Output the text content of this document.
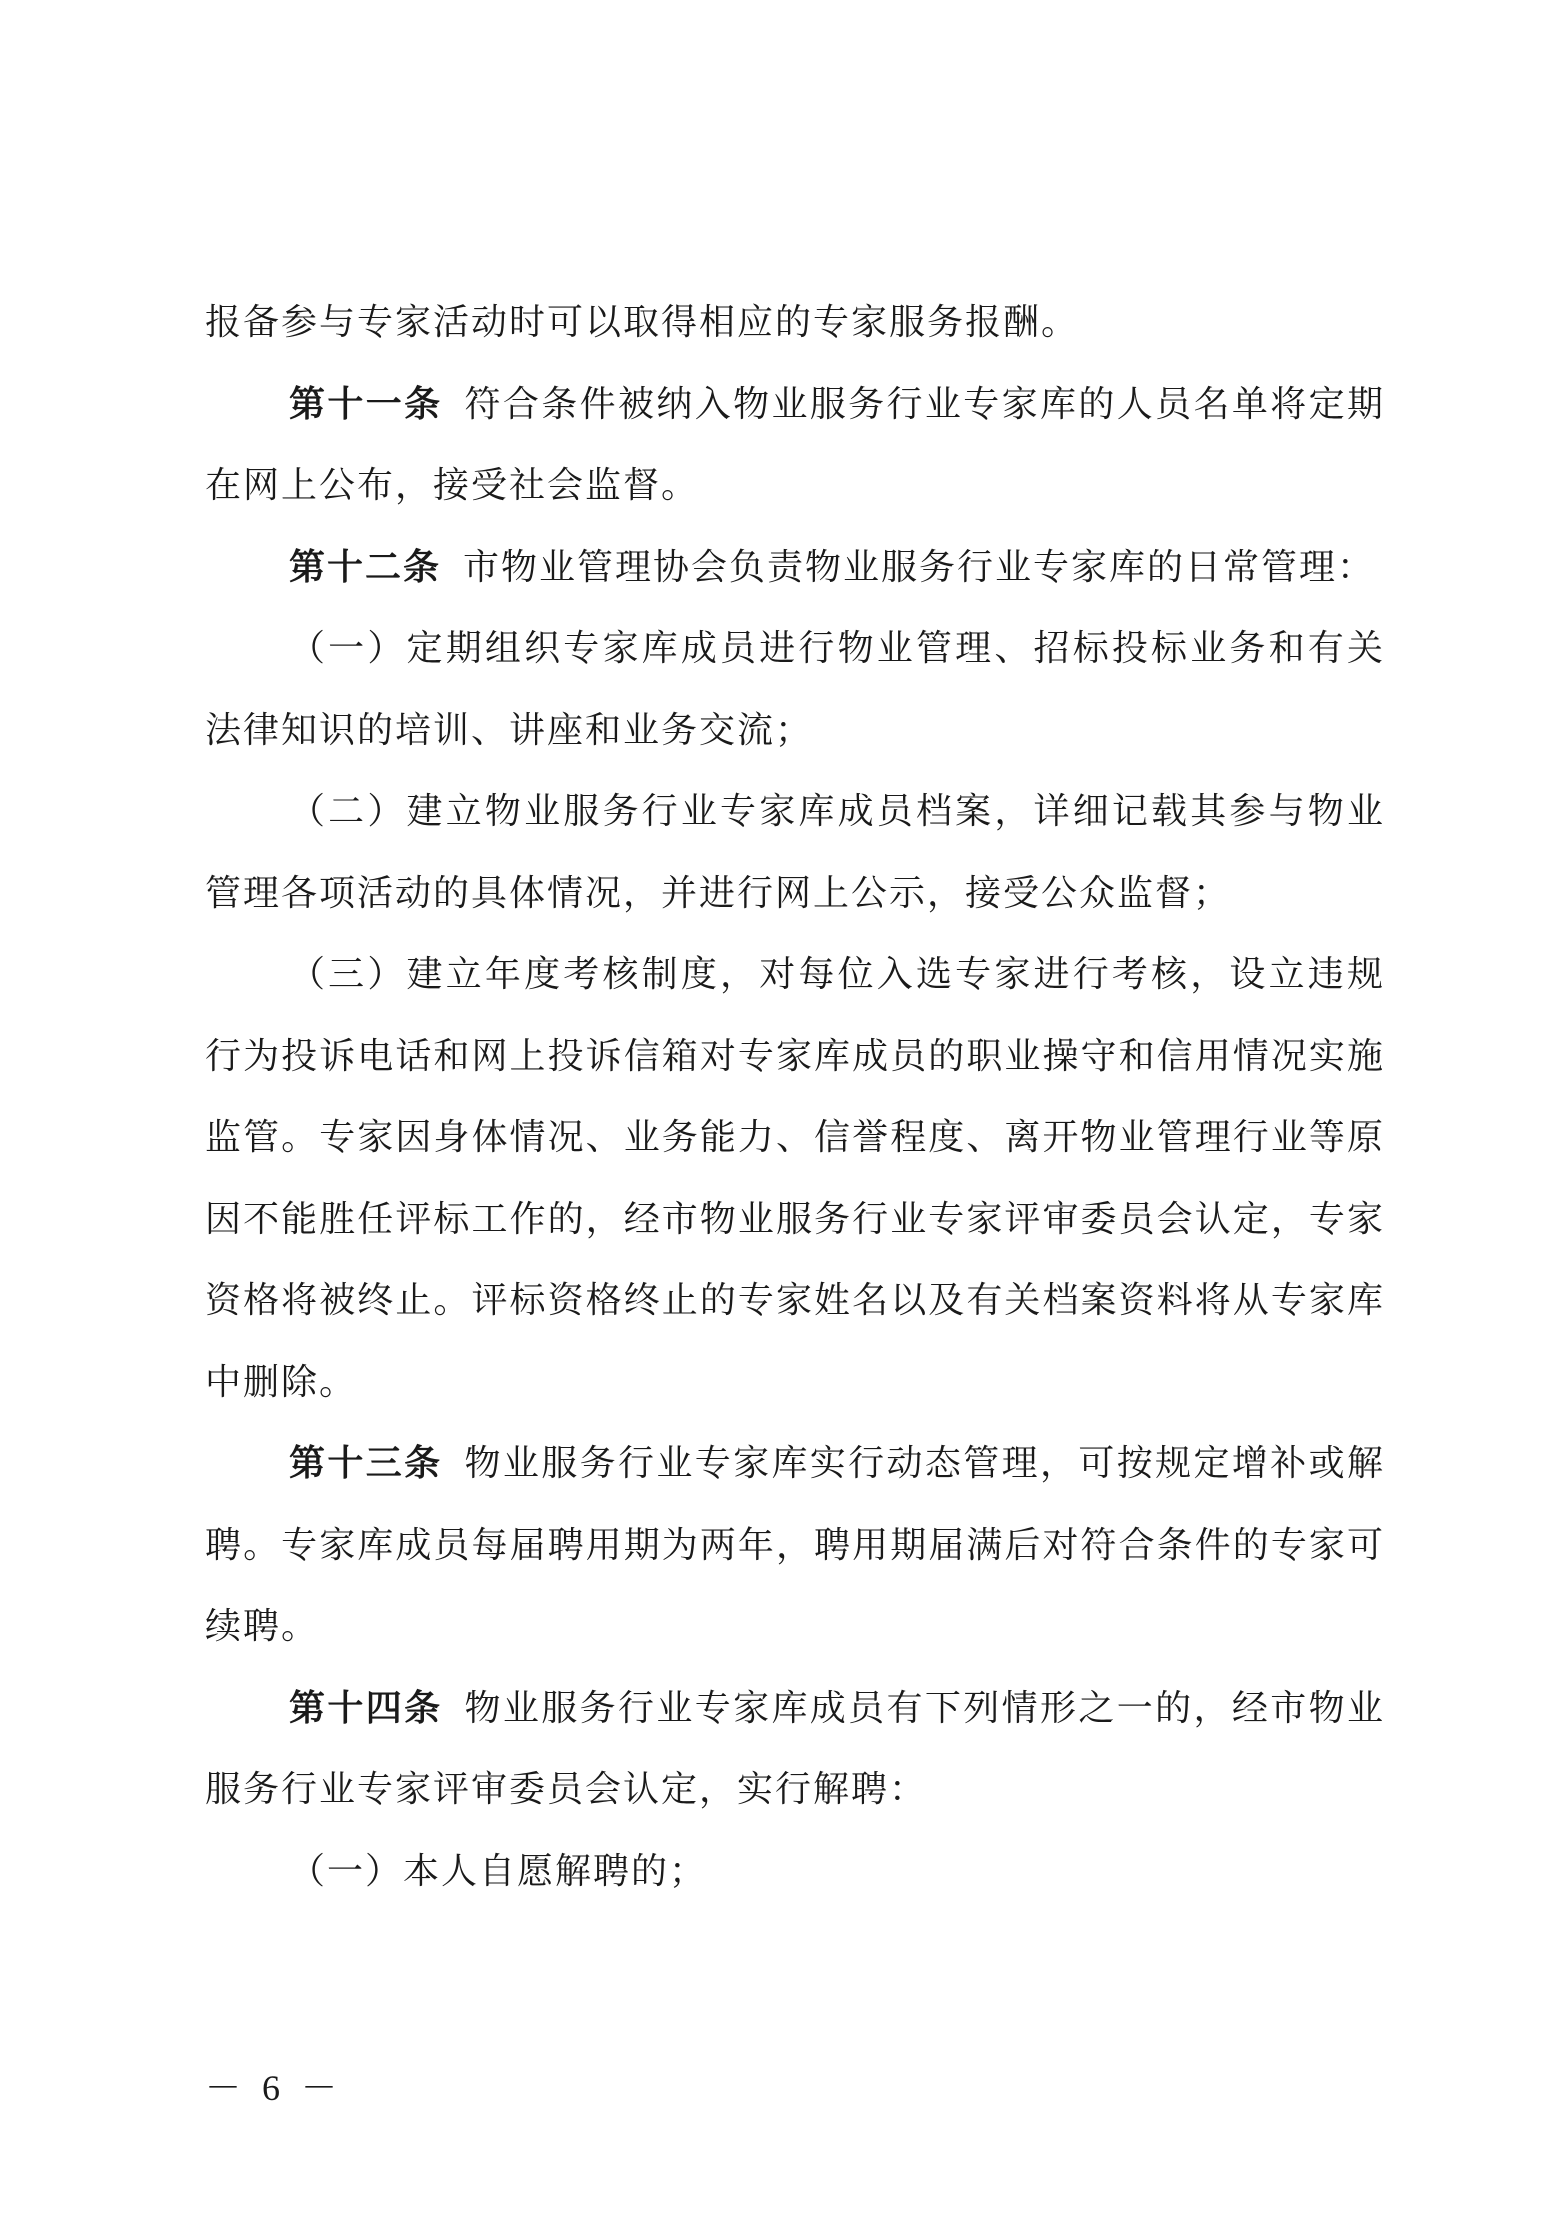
报备参与专家活动时可以取得相应的专家服务报酬。

第十一条 符合条件被纳入物业服务行业专家库的人员名单将定期在网上公布，接受社会监督。

第十二条 市物业管理协会负责物业服务行业专家库的日常管理：

（一）定期组织专家库成员进行物业管理、招标投标业务和有关法律知识的培训、讲座和业务交流；

（二）建立物业服务行业专家库成员档案，详细记载其参与物业管理各项活动的具体情况，并进行网上公示，接受公众监督；

（三）建立年度考核制度，对每位入选专家进行考核，设立违规行为投诉电话和网上投诉信箱对专家库成员的职业操守和信用情况实施监管。专家因身体情况、业务能力、信誉程度、离开物业管理行业等原因不能胜任评标工作的，经市物业服务行业专家评审委员会认定，专家资格将被终止。评标资格终止的专家姓名以及有关档案资料将从专家库中删除。

第十三条 物业服务行业专家库实行动态管理，可按规定增补或解聘。专家库成员每届聘用期为两年，聘用期届满后对符合条件的专家可续聘。

第十四条 物业服务行业专家库成员有下列情形之一的，经市物业服务行业专家评审委员会认定，实行解聘：

（一）本人自愿解聘的；

－ 6 －
